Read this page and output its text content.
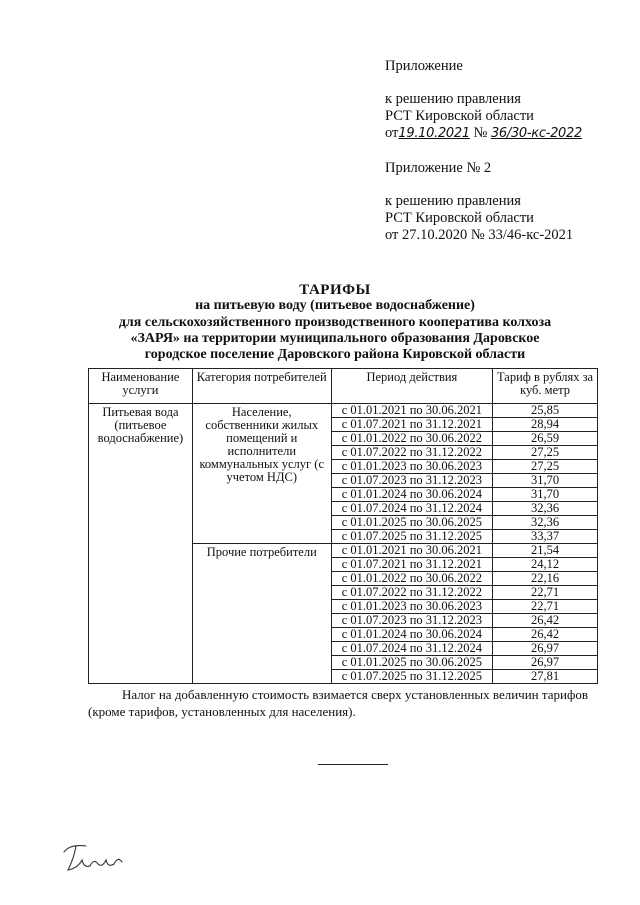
Приложение
к решению правления
РСТ Кировской области
от19.10.2021 № 36/30-кс-2022
Приложение № 2
к решению правления
РСТ Кировской области
от 27.10.2020 № 33/46-кс-2021
ТАРИФЫ
на питьевую воду (питьевое водоснабжение)
для сельскохозяйственного производственного кооператива колхоза
«ЗАРЯ» на территории муниципального образования Даровское
городское поселение Даровского района Кировской области
Наименование услуги	Категория потребителей	Период действия	Тариф в рублях за куб. метр
Питьевая вода (питьевое водоснабжение)	Население, собственники жилых помещений и исполнители коммунальных услуг (с учетом НДС)	с 01.01.2021 по 30.06.2021	25,85
		с 01.07.2021 по 31.12.2021	28,94
		с 01.01.2022 по 30.06.2022	26,59
		с 01.07.2022 по 31.12.2022	27,25
		с 01.01.2023 по 30.06.2023	27,25
		с 01.07.2023 по 31.12.2023	31,70
		с 01.01.2024 по 30.06.2024	31,70
		с 01.07.2024 по 31.12.2024	32,36
		с 01.01.2025 по 30.06.2025	32,36
		с 01.07.2025 по 31.12.2025	33,37
	Прочие потребители	с 01.01.2021 по 30.06.2021	21,54
		с 01.07.2021 по 31.12.2021	24,12
		с 01.01.2022 по 30.06.2022	22,16
		с 01.07.2022 по 31.12.2022	22,71
		с 01.01.2023 по 30.06.2023	22,71
		с 01.07.2023 по 31.12.2023	26,42
		с 01.01.2024 по 30.06.2024	26,42
		с 01.07.2024 по 31.12.2024	26,97
		с 01.01.2025 по 30.06.2025	26,97
		с 01.07.2025 по 31.12.2025	27,81
Налог на добавленную стоимость взимается сверх установленных величин тарифов (кроме тарифов, установленных для населения).
